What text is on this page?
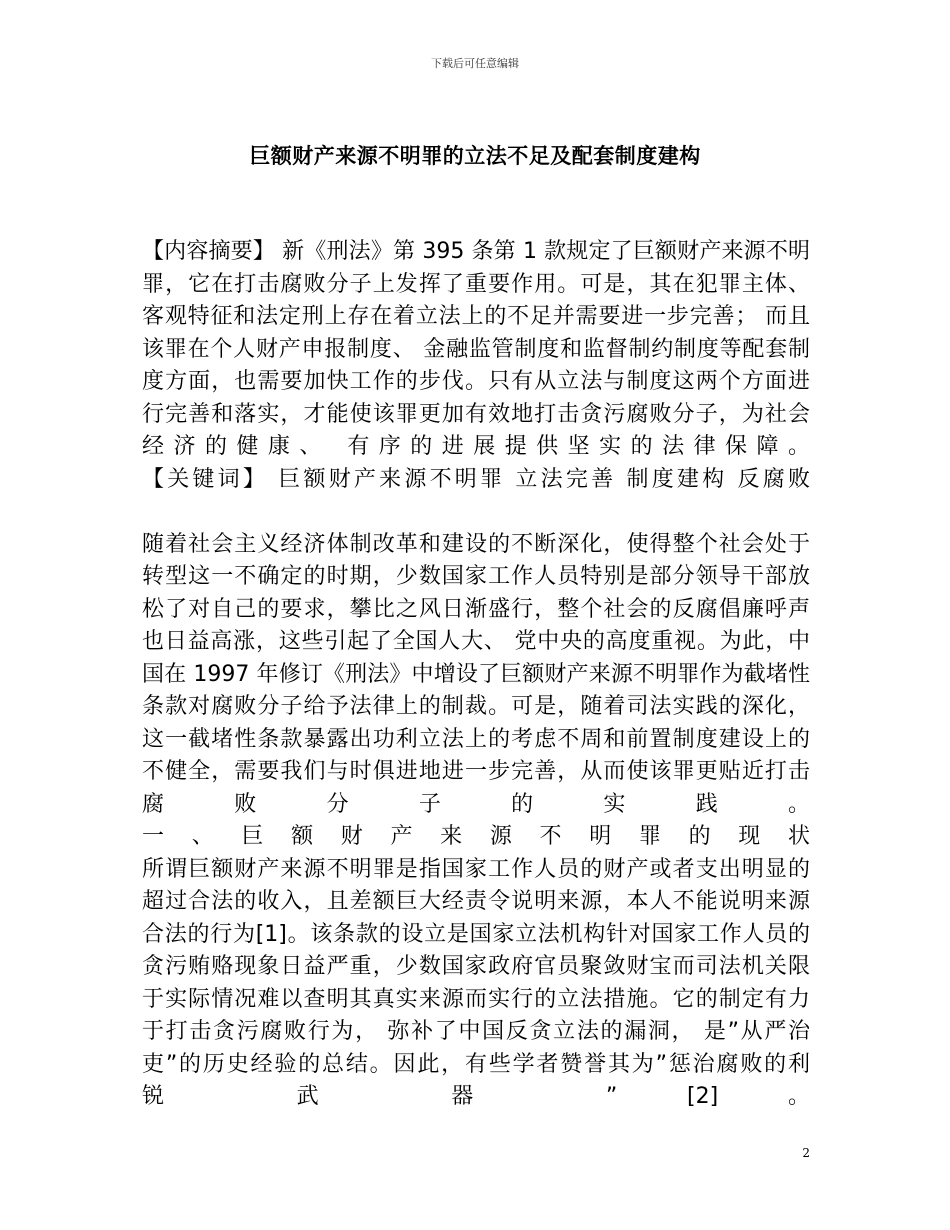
下载后可任意编辑
巨额财产来源不明罪的立法不足及配套制度建构
【内容摘要】 新《刑法》第 395 条第 1 款规定了巨额财产来源不明
罪，它在打击腐败分子上发挥了重要作用。可是，其在犯罪主体、
客观特征和法定刑上存在着立法上的不足并需要进一步完善； 而且
该罪在个人财产申报制度、 金融监管制度和监督制约制度等配套制
度方面，也需要加快工作的步伐。只有从立法与制度这两个方面进
行完善和落实，才能使该罪更加有效地打击贪污腐败分子，为社会
经济的健康、 有序的进展提供坚实的法律保障。
【关键词】 巨额财产来源不明罪 立法完善 制度建构 反腐败
随着社会主义经济体制改革和建设的不断深化，使得整个社会处于
转型这一不确定的时期，少数国家工作人员特别是部分领导干部放
松了对自己的要求，攀比之风日渐盛行，整个社会的反腐倡廉呼声
也日益高涨，这些引起了全国人大、 党中央的高度重视。为此，中
国在 1997 年修订《刑法》中增设了巨额财产来源不明罪作为截堵性
条款对腐败分子给予法律上的制裁。可是，随着司法实践的深化，
这一截堵性条款暴露出功利立法上的考虑不周和前置制度建设上的
不健全，需要我们与时俱进地进一步完善，从而使该罪更贴近打击
腐 败 分 子 的 实 践 。
一 、 巨 额 财 产 来 源 不 明 罪 的 现 状
所谓巨额财产来源不明罪是指国家工作人员的财产或者支出明显的
超过合法的收入，且差额巨大经责令说明来源，本人不能说明来源
合法的行为[1]。该条款的设立是国家立法机构针对国家工作人员的
贪污贿赂现象日益严重，少数国家政府官员聚敛财宝而司法机关限
于实际情况难以查明其真实来源而实行的立法措施。它的制定有力
于打击贪污腐败行为， 弥补了中国反贪立法的漏洞， 是”从严治
吏”的历史经验的总结。因此，有些学者赞誉其为”惩治腐败的利
锐 武 器 ” [2] 。
2
